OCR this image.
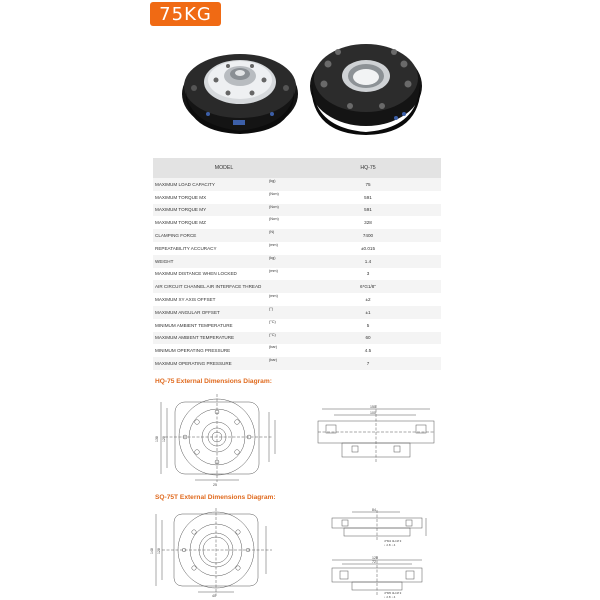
75KG
MODEL		HQ-75
MAXIMUM LOAD CAPACITY	(kg)	75
MAXIMUM TORQUE MX	(N•m)	591
MAXIMUM TORQUE MY	(N•m)	591
MAXIMUM TORQUE MZ	(N•m)	328
CLAMPING FORCE	(N)	7400
REPEATABILITY ACCURACY	(mm)	±0.015
WEIGHT	(kg)	1.4
MAXIMUM DISTANCE WHEN LOCKED	(mm)	3
AIR CIRCUIT CHANNEL AIR INTERFACE THREAD		6*G1/8"
MAXIMUM XY AXIS OFFSET	(mm)	±2
MAXIMUM ANGULAR OFFSET	(°)	±1
MINIMUM AMBIENT TEMPERATURE	(°C)	5
MAXIMUM AMBIENT TEMPERATURE	(°C)	60
MINIMUM OPERATING PRESSURE	(bar)	4.5
MAXIMUM OPERATING PRESSURE	(bar)	7
HQ-75 External Dimensions Diagram:
138 128
25
150
100
SQ-75T External Dimensions Diagram:
148 128
40
84
120
72
4*M4 4H Ø 3
↓ 2.8 ↓ 4
4*M5 4H Ø 3
↓ 2.8 ↓ 4
